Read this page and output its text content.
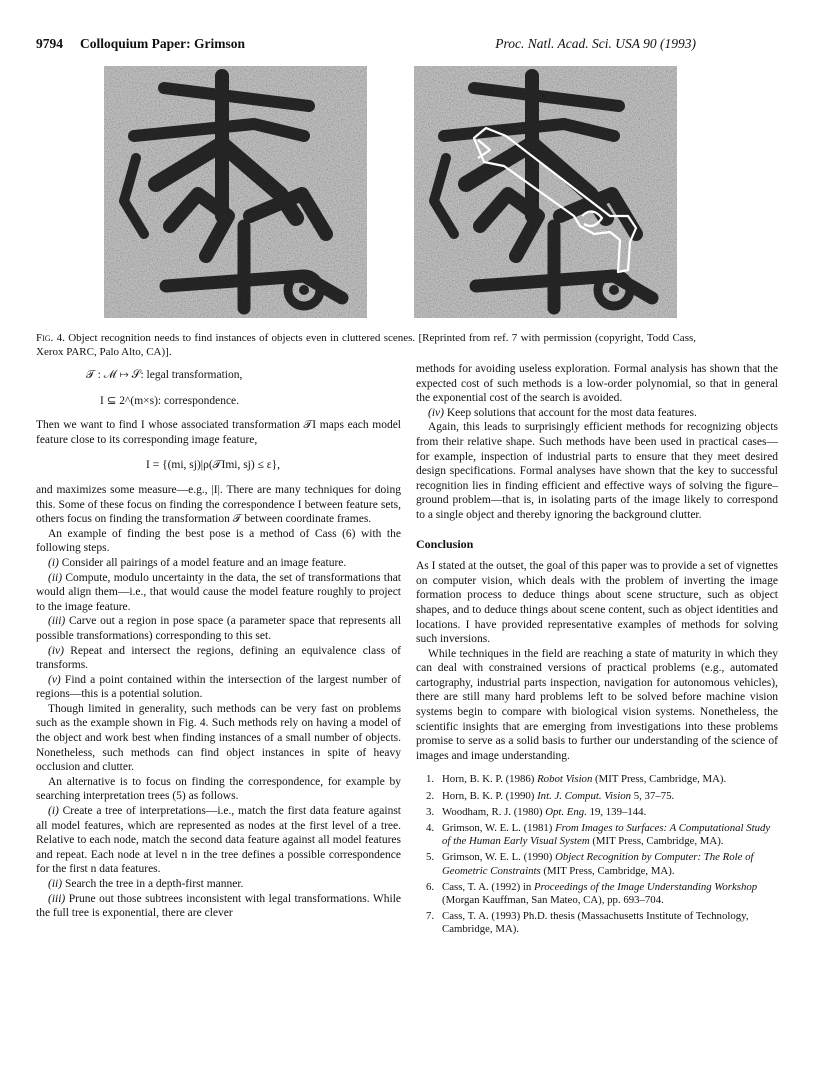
9794 Colloquium Paper: Grimson	Proc. Natl. Acad. Sci. USA 90 (1993)
Fig. 4. Object recognition needs to find instances of objects even in cluttered scenes. [Reprinted from ref. 7 with permission (copyright, Todd Cass, Xerox PARC, Palo Alto, CA)].

𝒯 : ℳ ↦ 𝒮: legal transformation,

I ⊆ 2^(m×s): correspondence.

Then we want to find I whose associated transformation 𝒯I maps each model feature close to its corresponding image feature,

I = {(mi, sj)|ρ(𝒯Imi, sj) ≤ ε},

and maximizes some measure—e.g., |I|. There are many techniques for doing this. Some of these focus on finding the correspondence I between feature sets, others focus on finding the transformation 𝒯 between coordinate frames.

An example of finding the best pose is a method of Cass (6) with the following steps.

(i) Consider all pairings of a model feature and an image feature.

(ii) Compute, modulo uncertainty in the data, the set of transformations that would align them—i.e., that would cause the model feature roughly to project to the image feature.

(iii) Carve out a region in pose space (a parameter space that represents all possible transformations) corresponding to this set.

(iv) Repeat and intersect the regions, defining an equivalence class of transforms.

(v) Find a point contained within the intersection of the largest number of regions—this is a potential solution.

Though limited in generality, such methods can be very fast on problems such as the example shown in Fig. 4. Such methods rely on having a model of the object and work best when finding instances of a small number of objects. Nonetheless, such methods can find object instances in spite of heavy occlusion and clutter.

An alternative is to focus on finding the correspondence, for example by searching interpretation trees (5) as follows.

(i) Create a tree of interpretations—i.e., match the first data feature against all model features, which are represented as nodes at the first level of a tree. Relative to each node, match the second data feature against all model features and repeat. Each node at level n in the tree defines a possible correspondence for the first n data features.

(ii) Search the tree in a depth-first manner.

(iii) Prune out those subtrees inconsistent with legal transformations. While the full tree is exponential, there are clever

methods for avoiding useless exploration. Formal analysis has shown that the expected cost of such methods is a low-order polynomial, so that in general the exponential cost of the search is avoided.

(iv) Keep solutions that account for the most data features.

Again, this leads to surprisingly efficient methods for recognizing objects from their relative shape. Such methods have been used in practical cases—for example, inspection of industrial parts to ensure that they meet desired design specifications. Formal analyses have shown that the key to successful recognition lies in finding efficient and effective ways of solving the figure–ground problem—that is, in isolating parts of the image likely to correspond to a single object and thereby ignoring the background clutter.

Conclusion

As I stated at the outset, the goal of this paper was to provide a set of vignettes on computer vision, which deals with the problem of inverting the image formation process to deduce things about scene structure, such as object shapes, and to deduce things about scene content, such as object identities and locations. I have provided representative examples of methods for solving such inversions.

While techniques in the field are reaching a state of maturity in which they can deal with constrained versions of practical problems (e.g., automated cartography, industrial parts inspection, navigation for autonomous vehicles), there are still many hard problems left to be solved before machine vision systems begin to compare with biological vision systems. Nonetheless, the scientific insights that are emerging from investigations into these problems promise to serve as a solid basis to further our understanding of the science of images and image understanding.

1. Horn, B. K. P. (1986) Robot Vision (MIT Press, Cambridge, MA).
2. Horn, B. K. P. (1990) Int. J. Comput. Vision 5, 37–75.
3. Woodham, R. J. (1980) Opt. Eng. 19, 139–144.
4. Grimson, W. E. L. (1981) From Images to Surfaces: A Computational Study of the Human Early Visual System (MIT Press, Cambridge, MA).
5. Grimson, W. E. L. (1990) Object Recognition by Computer: The Role of Geometric Constraints (MIT Press, Cambridge, MA).
6. Cass, T. A. (1992) in Proceedings of the Image Understanding Workshop (Morgan Kauffman, San Mateo, CA), pp. 693–704.
7. Cass, T. A. (1993) Ph.D. thesis (Massachusetts Institute of Technology, Cambridge, MA).
